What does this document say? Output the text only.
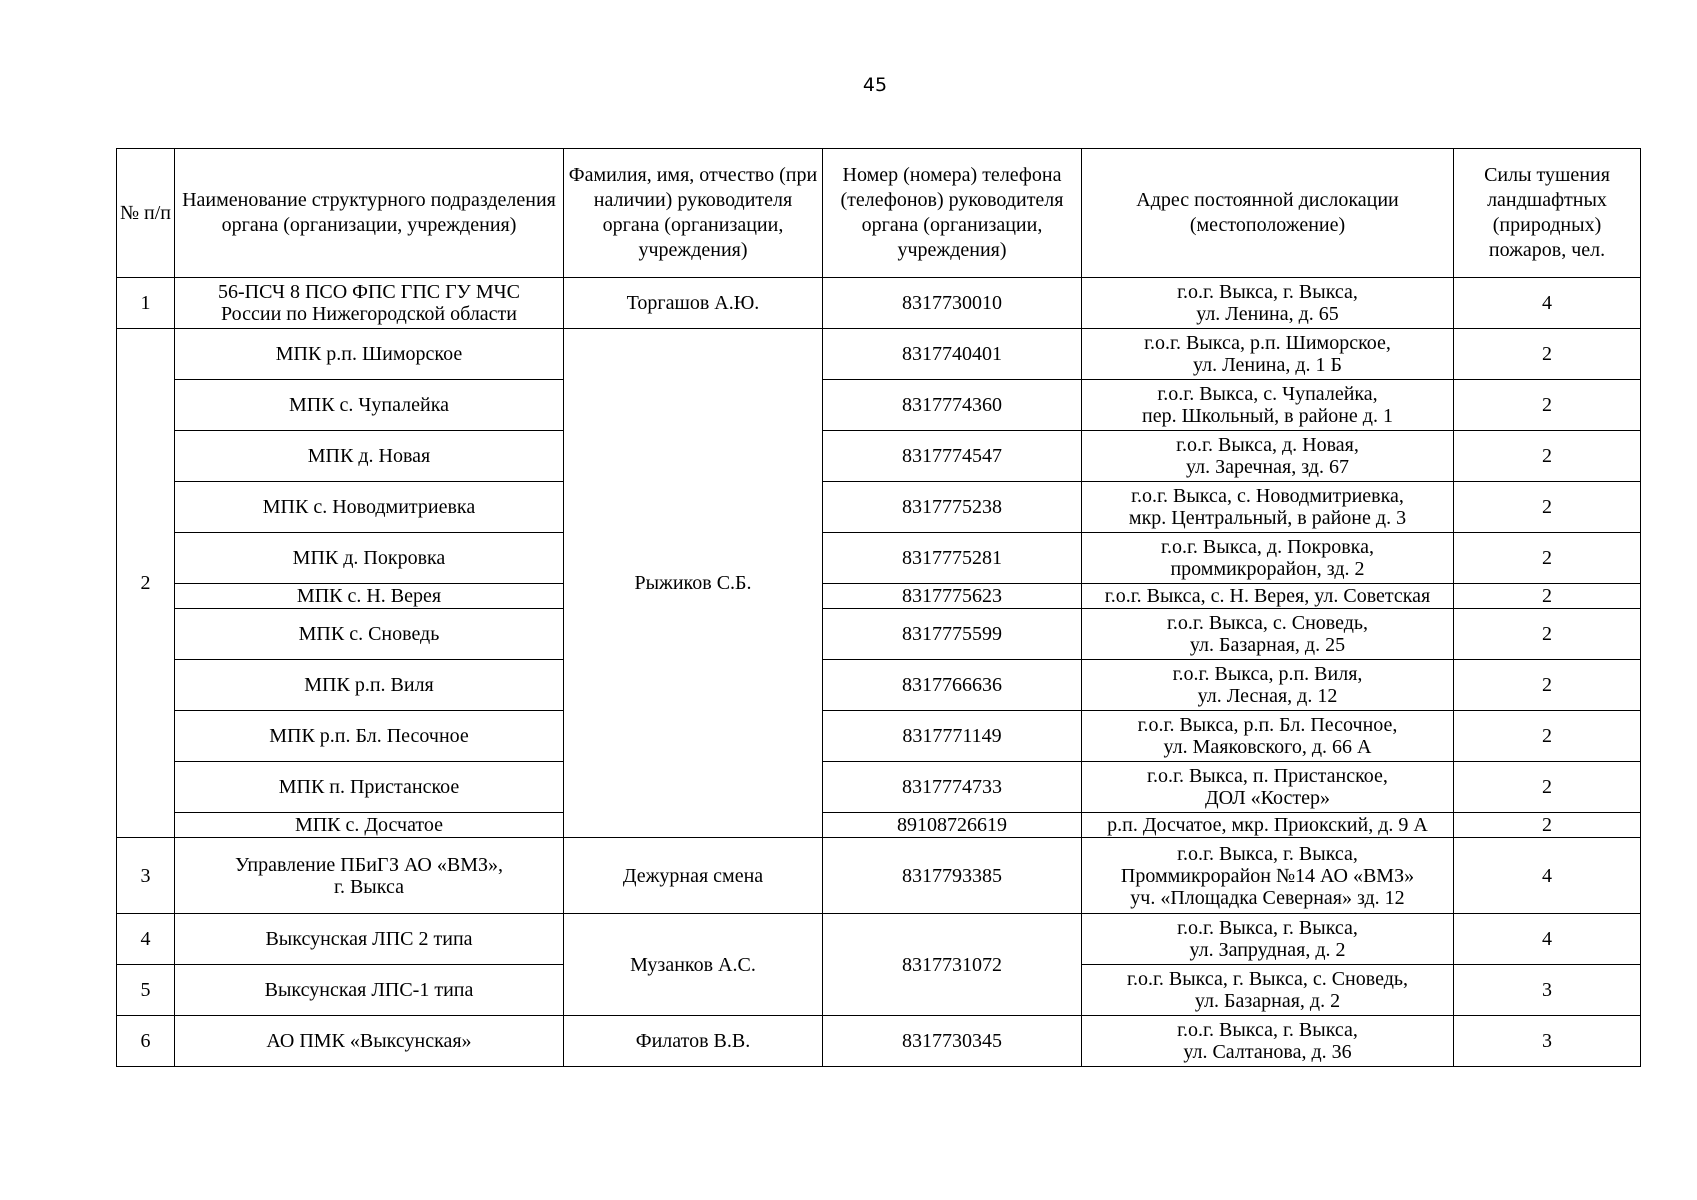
45
№ п/п	Наименование структурного подразделения органа (организации, учреждения)	Фамилия, имя, отчество (при наличии) руководителя органа (организации, учреждения)	Номер (номера) телефона (телефонов) руководителя органа (организации, учреждения)	Адрес постоянной дислокации (местоположение)	Силы тушения ландшафтных (природных) пожаров, чел.
1	56-ПСЧ 8 ПСО ФПС ГПС ГУ МЧС
России по Нижегородской области	Торгашов А.Ю.	8317730010	г.о.г. Выкса, г. Выкса,
ул. Ленина, д. 65	4
2	МПК р.п. Шиморское	Рыжиков С.Б.	8317740401	г.о.г. Выкса, р.п. Шиморское,
ул. Ленина, д. 1 Б	2
	МПК с. Чупалейка		8317774360	г.о.г. Выкса, с. Чупалейка,
пер. Школьный, в районе д. 1	2
	МПК д. Новая		8317774547	г.о.г. Выкса, д. Новая,
ул. Заречная, зд. 67	2
	МПК с. Новодмитриевка		8317775238	г.о.г. Выкса, с. Новодмитриевка,
мкр. Центральный, в районе д. 3	2
	МПК д. Покровка		8317775281	г.о.г. Выкса, д. Покровка,
проммикрорайон, зд. 2	2
	МПК с. Н. Верея		8317775623	г.о.г. Выкса, с. Н. Верея, ул. Советская	2
	МПК с. Сноведь		8317775599	г.о.г. Выкса, с. Сноведь,
ул. Базарная, д. 25	2
	МПК р.п. Виля		8317766636	г.о.г. Выкса, р.п. Виля,
ул. Лесная, д. 12	2
	МПК р.п. Бл. Песочное		8317771149	г.о.г. Выкса, р.п. Бл. Песочное,
ул. Маяковского, д. 66 А	2
	МПК п. Пристанское		8317774733	г.о.г. Выкса, п. Пристанское,
ДОЛ «Костер»	2
	МПК с. Досчатое		89108726619	р.п. Досчатое, мкр. Приокский, д. 9 А	2
3	Управление ПБиГЗ АО «ВМЗ»,
г. Выкса	Дежурная смена	8317793385	г.о.г. Выкса, г. Выкса,
Проммикрорайон №14 АО «ВМЗ»
уч. «Площадка Северная» зд. 12	4
4	Выксунская ЛПС 2 типа	Музанков А.С.	8317731072	г.о.г. Выкса, г. Выкса,
ул. Запрудная, д. 2	4
5	Выксунская ЛПС-1 типа			г.о.г. Выкса, г. Выкса, с. Сноведь,
ул. Базарная, д. 2	3
6	АО ПМК «Выксунская»	Филатов В.В.	8317730345	г.о.г. Выкса, г. Выкса,
ул. Салтанова, д. 36	3
